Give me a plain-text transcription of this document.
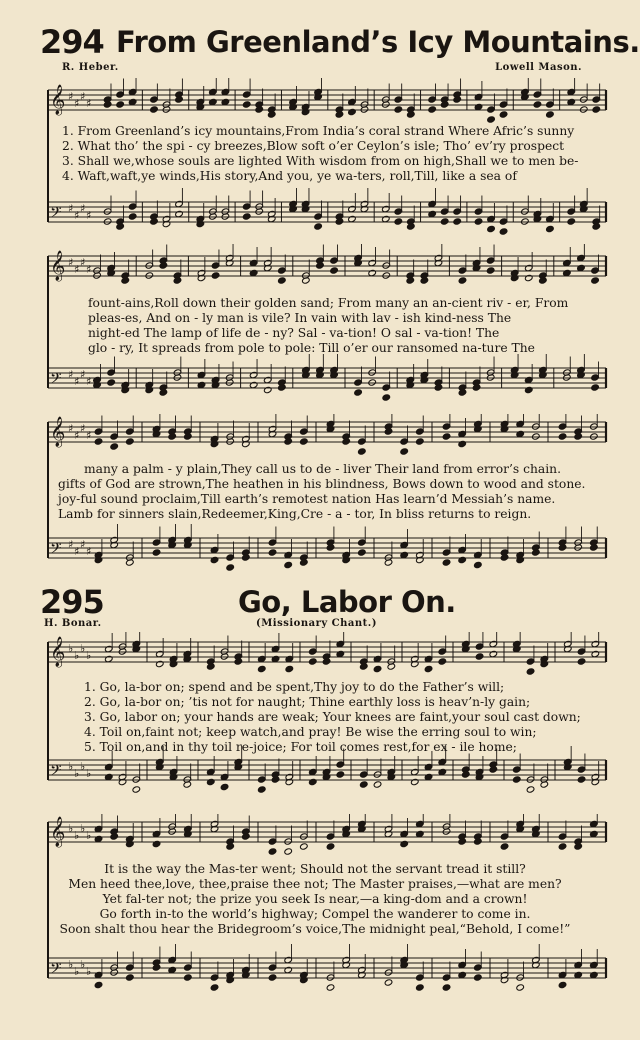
294 From Greenland’s Icy Mountains.
R. Heber.	Lowell Mason.
𝄞 ♯
♯
♯
♯
𝄢 ♯
♯
♯
♯
1. From Greenland’s icy mountains,From India’s coral strand Where Afric’s sunny
2. What tho’ the spi - cy breezes,Blow soft o’er Ceylon’s isle; Tho’ ev’ry prospect
3. Shall we,whose souls are lighted With wisdom from on high,Shall we to men be-
4. Waft,waft,ye winds,His story,And you, ye wa-ters, roll,Till, like a sea of
𝄞 ♯
♯
♯
♯
𝄢 ♯
♯
♯
♯
fount-ains,Roll down their golden sand; From many an an-cient riv - er, From
pleas-es, And on - ly man is vile? In vain with lav - ish kind-ness The
night-ed The lamp of life de - ny? Sal - va-tion! O sal - va-tion! The
glo - ry, It spreads from pole to pole: Till o’er our ransomed na-ture The
𝄞 ♯
♯
♯
♯
𝄢 ♯
♯
♯
♯
many a palm - y plain,They call us to de - liver Their land from error’s chain.
gifts of God are strown,The heathen in his blindness, Bows down to wood and stone.
joy-ful sound proclaim,Till earth’s remotest nation Has learn’d Messiah’s name.
Lamb for sinners slain,Redeemer,King,Cre - a - tor, In bliss returns to reign.
295	Go, Labor On.
H. Bonar.	(Missionary Chant.)
𝄞 ♭
♭
♭
♭
𝄢 ♭
♭
♭
♭
1. Go, la-bor on; spend and be spent,Thy joy to do the Father’s will;
2. Go, la-bor on; ’tis not for naught; Thine earthly loss is heav’n-ly gain;
3. Go, labor on; your hands are weak; Your knees are faint,your soul cast down;
4. Toil on,faint not; keep watch,and pray! Be wise the erring soul to win;
5. Toil on,and in thy toil re-joice; For toil comes rest,for ex - ile home;
𝄞 ♭
♭
♭
♭
𝄢 ♭
♭
♭
♭
It is the way the Mas-ter went; Should not the servant tread it still?
Men heed thee,love, thee,praise thee not; The Master praises,—what are men?
Yet fal-ter not; the prize you seek Is near,—a king-dom and a crown!
Go forth in-to the world’s highway; Compel the wanderer to come in.
Soon shalt thou hear the Bridegroom’s voice,The midnight peal,“Behold, I come!”
